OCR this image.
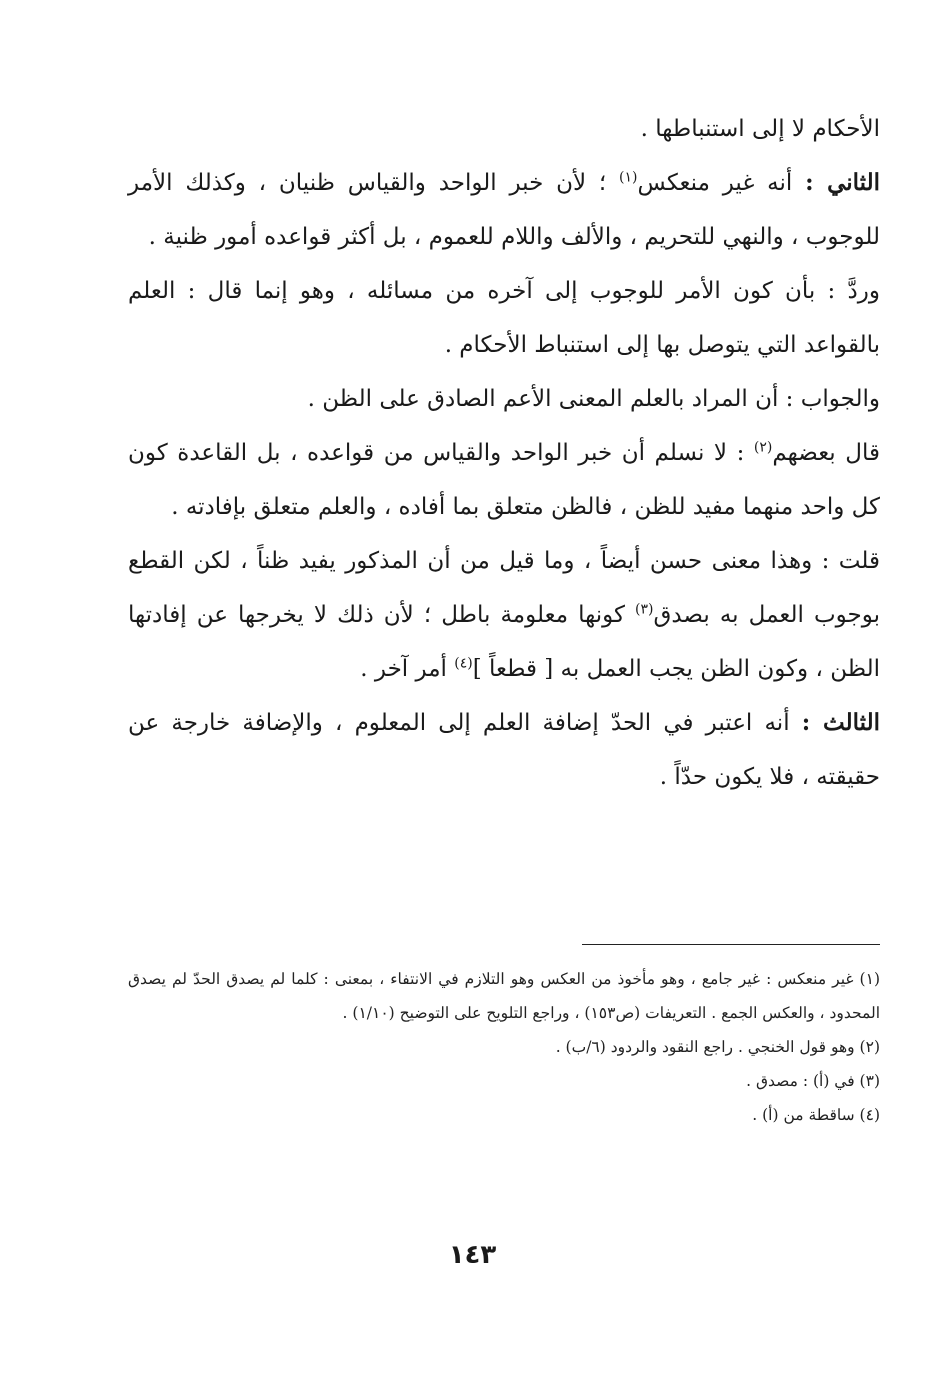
الأحكام لا إلى استنباطها .

الثاني : أنه غير منعكس$^{(١)}$ ؛ لأن خبر الواحد والقياس ظنيان ، وكذلك الأمر للوجوب ، والنهي للتحريم ، والألف واللام للعموم ، بل أكثر قواعده أمور ظنية .

وردَّ : بأن كون الأمر للوجوب إلى آخره من مسائله ، وهو إنما قال : العلم بالقواعد التي يتوصل بها إلى استنباط الأحكام .

والجواب : أن المراد بالعلم المعنى الأعم الصادق على الظن .

قال بعضهم$^{(٢)}$ : لا نسلم أن خبر الواحد والقياس من قواعده ، بل القاعدة كون كل واحد منهما مفيد للظن ، فالظن متعلق بما أفاده ، والعلم متعلق بإفادته .

قلت : وهذا معنى حسن أيضاً ، وما قيل من أن المذكور يفيد ظناً ، لكن القطع بوجوب العمل به بصدق$^{(٣)}$ كونها معلومة باطل ؛ لأن ذلك لا يخرجها عن إفادتها الظن ، وكون الظن يجب العمل به [ قطعاً ]$^{(٤)}$ أمر آخر .

الثالث : أنه اعتبر في الحدّ إضافة العلم إلى المعلوم ، والإضافة خارجة عن حقيقته ، فلا يكون حدّاً .

(١) غير منعكس : غير جامع ، وهو مأخوذ من العكس وهو التلازم في الانتفاء ، بمعنى : كلما لم يصدق الحدّ لم يصدق المحدود ، والعكس الجمع . التعريفات (ص١٥٣) ، وراجع التلويح على التوضيح (١/١٠) .

(٢) وهو قول الخنجي . راجع النقود والردود (٦/ب) .

(٣) في (أ) : مصدق .

(٤) ساقطة من (أ) .

١٤٣
